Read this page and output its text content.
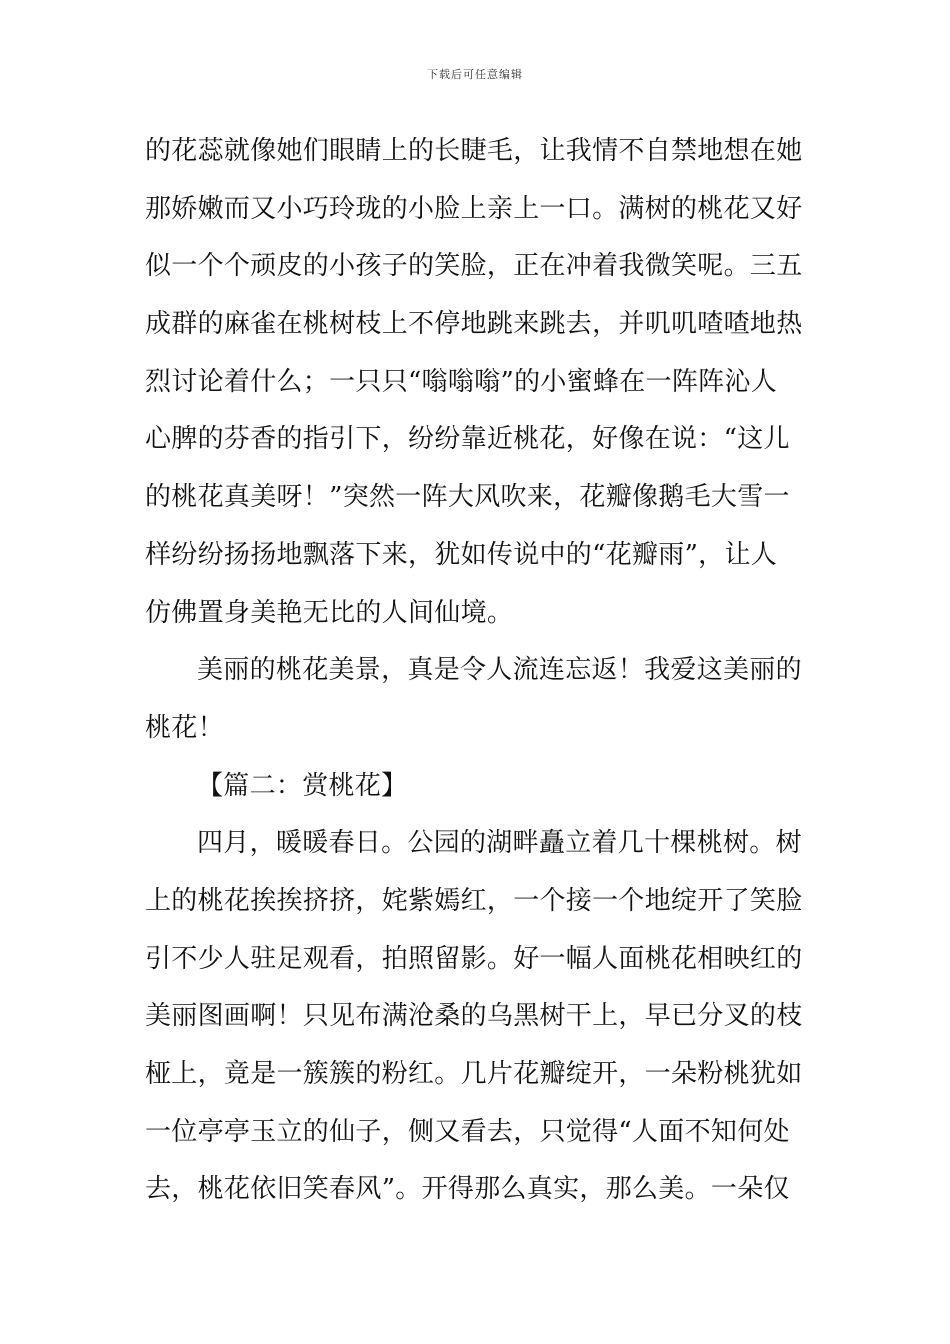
下载后可任意编辑
的花蕊就像她们眼睛上的长睫毛，让我情不自禁地想在她
那娇嫩而又小巧玲珑的小脸上亲上一口。满树的桃花又好
似一个个顽皮的小孩子的笑脸，正在冲着我微笑呢。三五
成群的麻雀在桃树枝上不停地跳来跳去，并叽叽喳喳地热
烈讨论着什么；一只只“嗡嗡嗡”的小蜜蜂在一阵阵沁人
心脾的芬香的指引下，纷纷靠近桃花，好像在说：“这儿
的桃花真美呀！”突然一阵大风吹来，花瓣像鹅毛大雪一
样纷纷扬扬地飘落下来，犹如传说中的“花瓣雨”，让人
仿佛置身美艳无比的人间仙境。
美丽的桃花美景，真是令人流连忘返！我爱这美丽的
桃花！
【篇二：赏桃花】
四月，暖暖春日。公园的湖畔矗立着几十棵桃树。树
上的桃花挨挨挤挤，姹紫嫣红，一个接一个地绽开了笑脸
引不少人驻足观看，拍照留影。好一幅人面桃花相映红的
美丽图画啊！只见布满沧桑的乌黑树干上，早已分叉的枝
桠上，竟是一簇簇的粉红。几片花瓣绽开，一朵粉桃犹如
一位亭亭玉立的仙子，侧又看去，只觉得“人面不知何处
去，桃花依旧笑春风”。开得那么真实，那么美。一朵仅
